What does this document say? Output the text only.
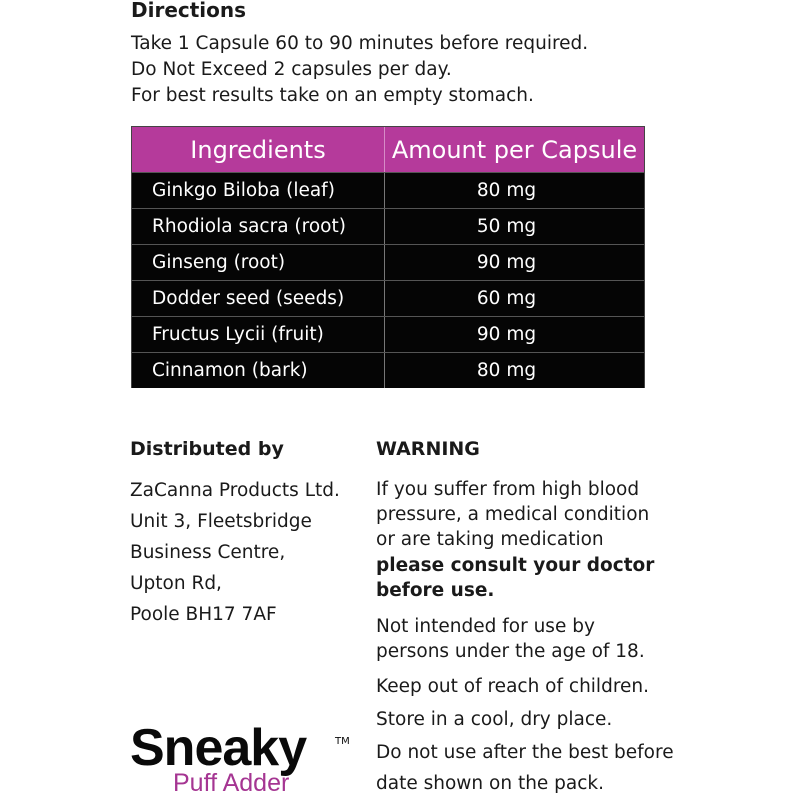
Directions
Take 1 Capsule 60 to 90 minutes before required.
Do Not Exceed 2 capsules per day.
For best results take on an empty stomach.
Ingredients	Amount per Capsule
Ginkgo Biloba (leaf)	80 mg
Rhodiola sacra (root)	50 mg
Ginseng (root)	90 mg
Dodder seed (seeds)	60 mg
Fructus Lycii (fruit)	90 mg
Cinnamon (bark)	80 mg
Distributed by
ZaCanna Products Ltd.
Unit 3, Fleetsbridge
Business Centre,
Upton Rd,
Poole BH17 7AF
WARNING
If you suffer from high blood
pressure, a medical condition
or are taking medication
please consult your doctor
before use.
Not intended for use by
persons under the age of 18.
Keep out of reach of children.
Store in a cool, dry place.
Do not use after the best before
date shown on the pack.
Sneaky	TM
Puff Adder
